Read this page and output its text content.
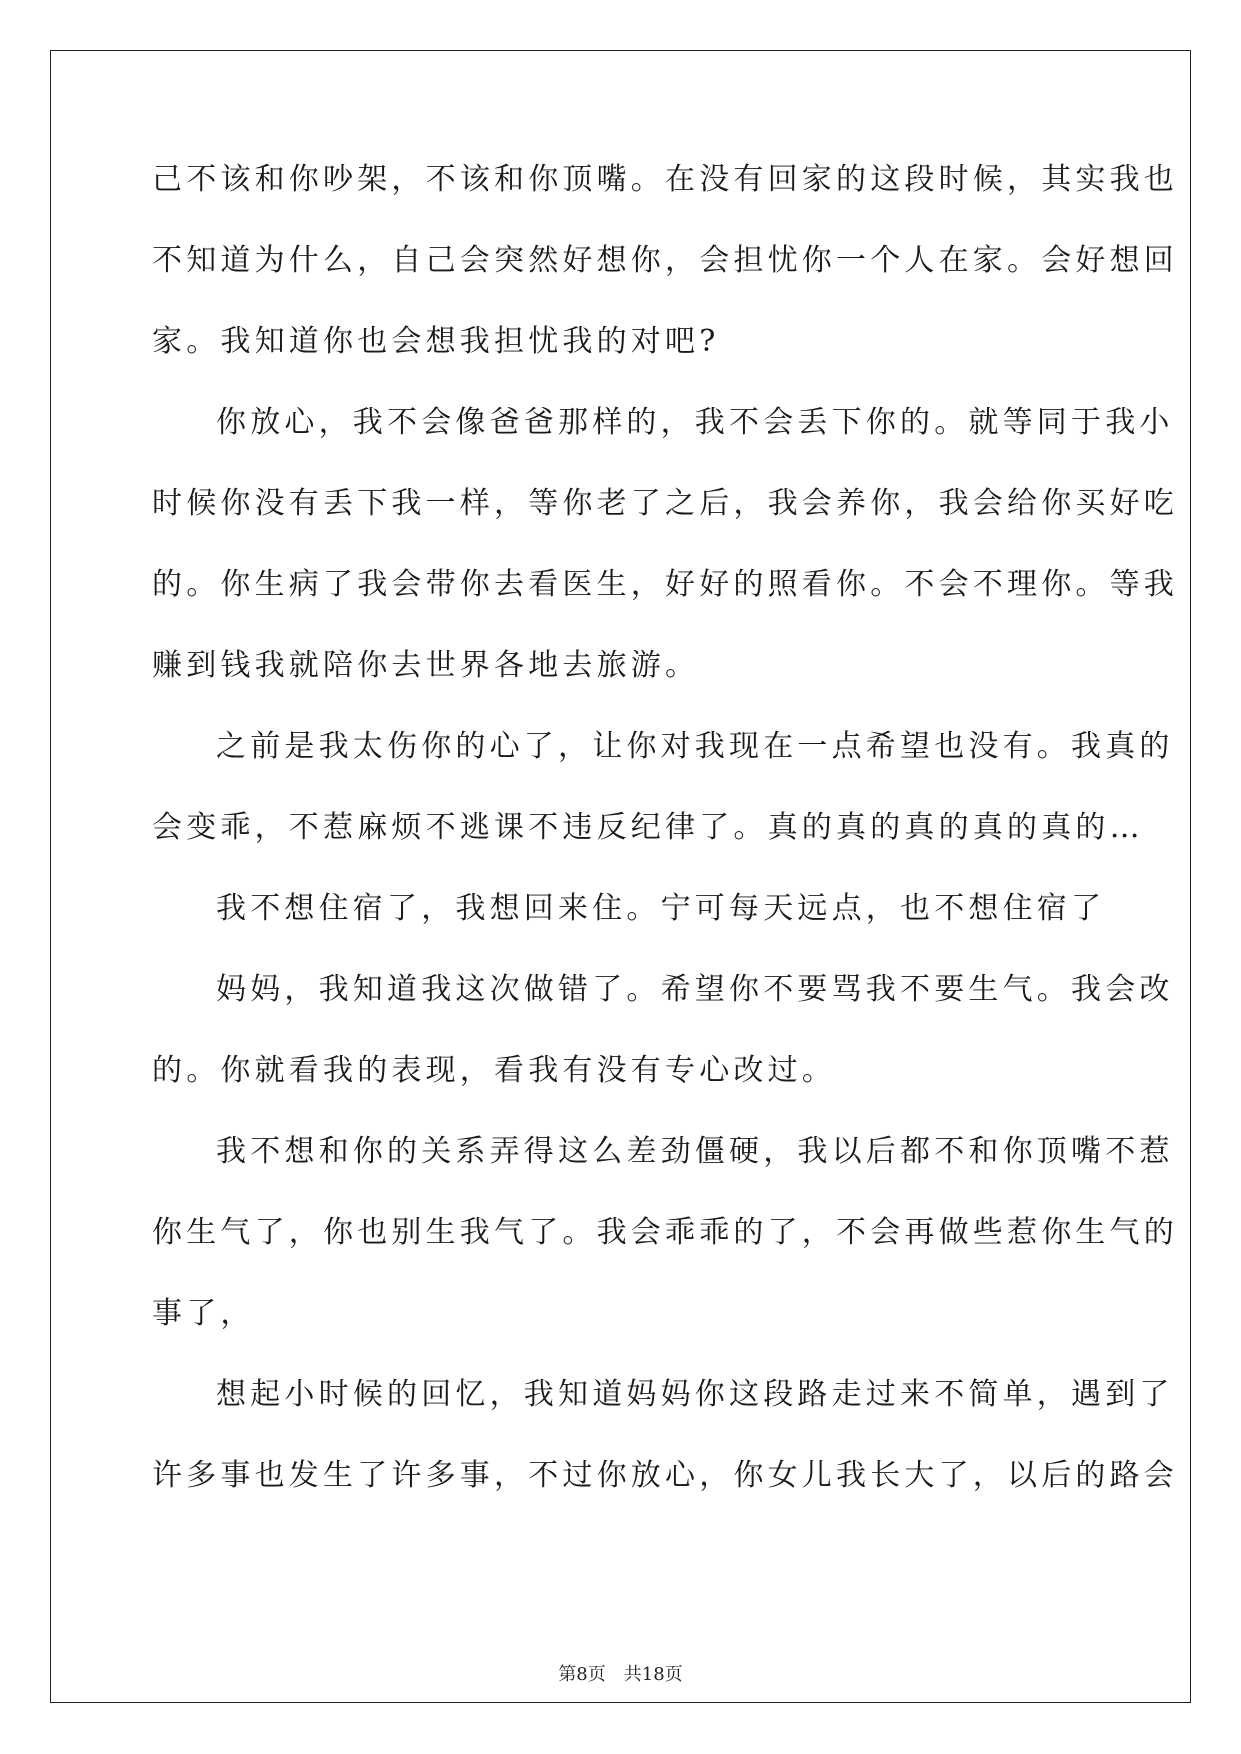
己不该和你吵架，不该和你顶嘴。在没有回家的这段时候，其实我也
不知道为什么，自己会突然好想你，会担忧你一个人在家。会好想回
家。我知道你也会想我担忧我的对吧?
你放心，我不会像爸爸那样的，我不会丢下你的。就等同于我小
时候你没有丢下我一样，等你老了之后，我会养你，我会给你买好吃
的。你生病了我会带你去看医生，好好的照看你。不会不理你。等我
赚到钱我就陪你去世界各地去旅游。
之前是我太伤你的心了，让你对我现在一点希望也没有。我真的
会变乖，不惹麻烦不逃课不违反纪律了。真的真的真的真的真的…
我不想住宿了，我想回来住。宁可每天远点，也不想住宿了
妈妈，我知道我这次做错了。希望你不要骂我不要生气。我会改
的。你就看我的表现，看我有没有专心改过。
我不想和你的关系弄得这么差劲僵硬，我以后都不和你顶嘴不惹
你生气了，你也别生我气了。我会乖乖的了，不会再做些惹你生气的
事了，
想起小时候的回忆，我知道妈妈你这段路走过来不简单，遇到了
许多事也发生了许多事，不过你放心，你女儿我长大了，以后的路会
第8页　共18页
